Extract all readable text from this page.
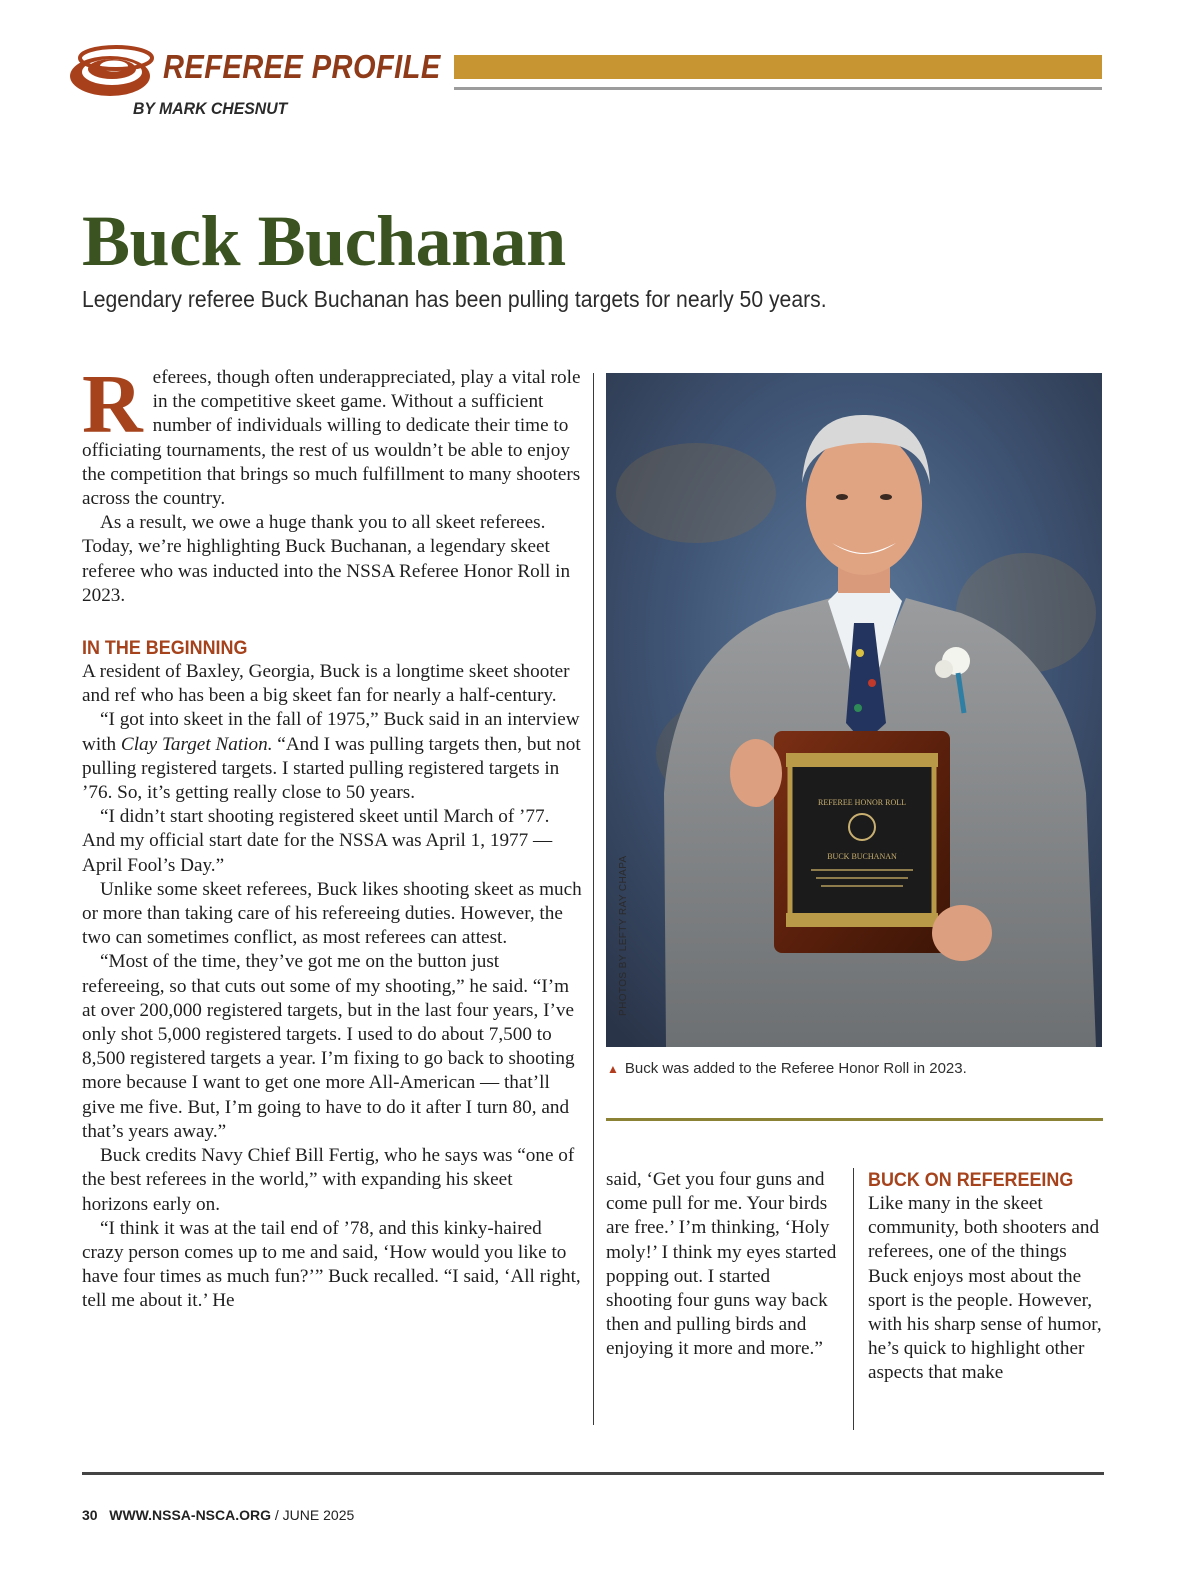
REFEREE PROFILE
BY MARK CHESNUT
Buck Buchanan

Legendary referee Buck Buchanan has been pulling targets for nearly 50 years.

Referees, though often underappreciated, play a vital role in the competitive skeet game. Without a sufficient number of individuals willing to dedicate their time to officiating tournaments, the rest of us wouldn’t be able to enjoy the competition that brings so much fulfillment to many shooters across the country.

As a result, we owe a huge thank you to all skeet referees. Today, we’re highlighting Buck Buchanan, a legendary skeet referee who was inducted into the NSSA Referee Honor Roll in 2023.

IN THE BEGINNING

A resident of Baxley, Georgia, Buck is a longtime skeet shooter and ref who has been a big skeet fan for nearly a half-century.

“I got into skeet in the fall of 1975,” Buck said in an interview with Clay Target Nation. “And I was pulling targets then, but not pulling registered targets. I started pulling registered targets in ’76. So, it’s getting really close to 50 years.

“I didn’t start shooting registered skeet until March of ’77. And my official start date for the NSSA was April 1, 1977 — April Fool’s Day.”

Unlike some skeet referees, Buck likes shooting skeet as much or more than taking care of his refereeing duties. However, the two can sometimes conflict, as most referees can attest.

“Most of the time, they’ve got me on the button just refereeing, so that cuts out some of my shooting,” he said. “I’m at over 200,000 registered targets, but in the last four years, I’ve only shot 5,000 registered targets. I used to do about 7,500 to 8,500 registered targets a year. I’m fixing to go back to shooting more because I want to get one more All-American — that’ll give me five. But, I’m going to have to do it after I turn 80, and that’s years away.”

Buck credits Navy Chief Bill Fertig, who he says was “one of the best referees in the world,” with expanding his skeet horizons early on.

“I think it was at the tail end of ’78, and this kinky-haired crazy person comes up to me and said, ‘How would you like to have four times as much fun?’” Buck recalled. “I said, ‘All right, tell me about it.’ He

REFEREE HONOR ROLL
BUCK BUCHANAN
PHOTOS BY LEFTY RAY CHAPA
▲ Buck was added to the Referee Honor Roll in 2023.

said, ‘Get you four guns and come pull for me. Your birds are free.’ I’m thinking, ‘Holy moly!’ I think my eyes started popping out. I started shooting four guns way back then and pulling birds and enjoying it more and more.”

BUCK ON REFEREEING

Like many in the skeet community, both shooters and referees, one of the things Buck enjoys most about the sport is the people. However, with his sharp sense of humor, he’s quick to highlight other aspects that make

30 WWW.NSSA-NSCA.ORG / JUNE 2025
